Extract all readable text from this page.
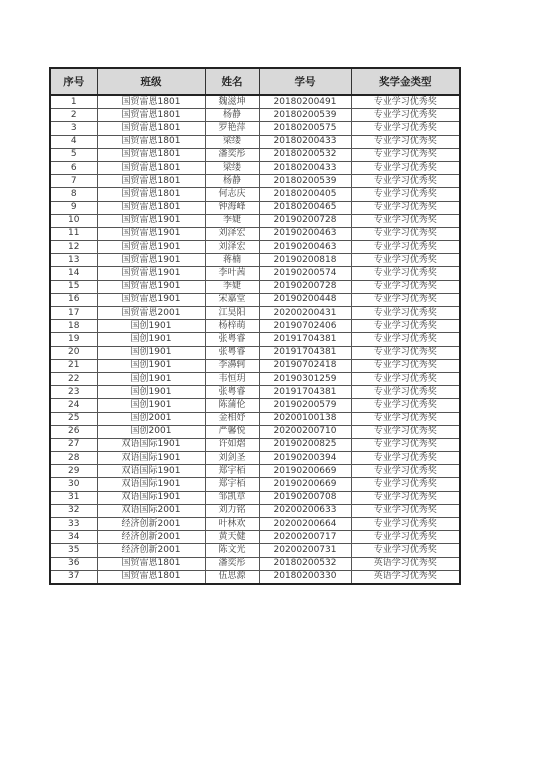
序号	班级	姓名	学号	奖学金类型
1	国贸雷恩1801	魏滋坤	20180200491	专业学习优秀奖
2	国贸雷恩1801	杨静	20180200539	专业学习优秀奖
3	国贸雷恩1801	罗艳萍	20180200575	专业学习优秀奖
4	国贸雷恩1801	梁缕	20180200433	专业学习优秀奖
5	国贸雷恩1801	潘奕彤	20180200532	专业学习优秀奖
6	国贸雷恩1801	梁缕	20180200433	专业学习优秀奖
7	国贸雷恩1801	杨静	20180200539	专业学习优秀奖
8	国贸雷恩1801	何志庆	20180200405	专业学习优秀奖
9	国贸雷恩1801	钟海峰	20180200465	专业学习优秀奖
10	国贸雷恩1901	季婕	20190200728	专业学习优秀奖
11	国贸雷恩1901	刘泽宏	20190200463	专业学习优秀奖
12	国贸雷恩1901	刘泽宏	20190200463	专业学习优秀奖
13	国贸雷恩1901	蒋楠	20190200818	专业学习优秀奖
14	国贸雷恩1901	李叶茜	20190200574	专业学习优秀奖
15	国贸雷恩1901	季婕	20190200728	专业学习优秀奖
16	国贸雷恩1901	宋嘉堂	20190200448	专业学习优秀奖
17	国贸雷恩2001	江昊阳	20200200431	专业学习优秀奖
18	国创1901	杨梓萌	20190702406	专业学习优秀奖
19	国创1901	张粤睿	20191704381	专业学习优秀奖
20	国创1901	张粤睿	20191704381	专业学习优秀奖
21	国创1901	李濞轲	20190702418	专业学习优秀奖
22	国创1901	韦恒玥	20190301259	专业学习优秀奖
23	国创1901	张粤睿	20191704381	专业学习优秀奖
24	国创1901	陈蒲伦	20190200579	专业学习优秀奖
25	国创2001	金相妤	20200100138	专业学习优秀奖
26	国创2001	严馨悦	20200200710	专业学习优秀奖
27	双语国际1901	许如熠	20190200825	专业学习优秀奖
28	双语国际1901	刘剑圣	20190200394	专业学习优秀奖
29	双语国际1901	郑宇栢	20190200669	专业学习优秀奖
30	双语国际1901	郑宇栢	20190200669	专业学习优秀奖
31	双语国际1901	邹凯章	20190200708	专业学习优秀奖
32	双语国际2001	刘力铭	20200200633	专业学习优秀奖
33	经济创新2001	叶林欢	20200200664	专业学习优秀奖
34	经济创新2001	黄天健	20200200717	专业学习优秀奖
35	经济创新2001	陈文光	20200200731	专业学习优秀奖
36	国贸雷恩1801	潘奕彤	20180200532	英语学习优秀奖
37	国贸雷恩1801	伍思源	20180200330	英语学习优秀奖
